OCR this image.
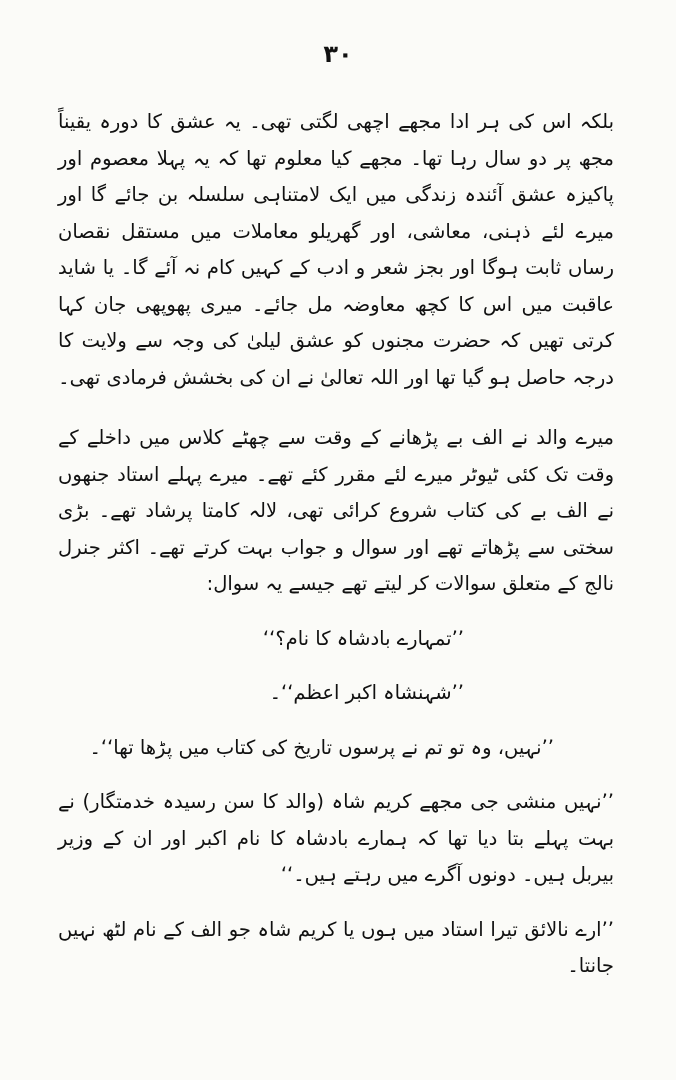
۳۰

بلکہ اس کی ہر ادا مجھے اچھی لگتی تھی۔ یہ عشق کا دورہ یقیناً مجھ پر دو سال رہا تھا۔ مجھے کیا معلوم تھا کہ یہ پہلا معصوم اور پاکیزہ عشق آئندہ زندگی میں ایک لامتناہی سلسلہ بن جائے گا اور میرے لئے ذہنی، معاشی، اور گھریلو معاملات میں مستقل نقصان رساں ثابت ہوگا اور بجز شعر و ادب کے کہیں کام نہ آئے گا۔ یا شاید عاقبت میں اس کا کچھ معاوضہ مل جائے۔ میری پھوپھی جان کہا کرتی تھیں کہ حضرت مجنوں کو عشق لیلیٰ کی وجہ سے ولایت کا درجہ حاصل ہو گیا تھا اور اللہ تعالیٰ نے ان کی بخشش فرمادی تھی۔

میرے والد نے الف بے پڑھانے کے وقت سے چھٹے کلاس میں داخلے کے وقت تک کئی ٹیوٹر میرے لئے مقرر کئے تھے۔ میرے پہلے استاد جنھوں نے الف بے کی کتاب شروع کرائی تھی، لالہ کامتا پرشاد تھے۔ بڑی سختی سے پڑھاتے تھے اور سوال و جواب بہت کرتے تھے۔ اکثر جنرل نالج کے متعلق سوالات کر لیتے تھے جیسے یہ سوال:

’’تمہارے بادشاہ کا نام؟‘‘

’’شہنشاہ اکبر اعظم‘‘۔

’’نہیں، وہ تو تم نے پرسوں تاریخ کی کتاب میں پڑھا تھا‘‘۔

’’نہیں منشی جی مجھے کریم شاہ (والد کا سن رسیدہ خدمتگار) نے بہت پہلے بتا دیا تھا کہ ہمارے بادشاہ کا نام اکبر اور ان کے وزیر بیربل ہیں۔ دونوں آگرے میں رہتے ہیں۔‘‘

’’ارے نالائق تیرا استاد میں ہوں یا کریم شاہ جو الف کے نام لٹھ نہیں جانتا۔
